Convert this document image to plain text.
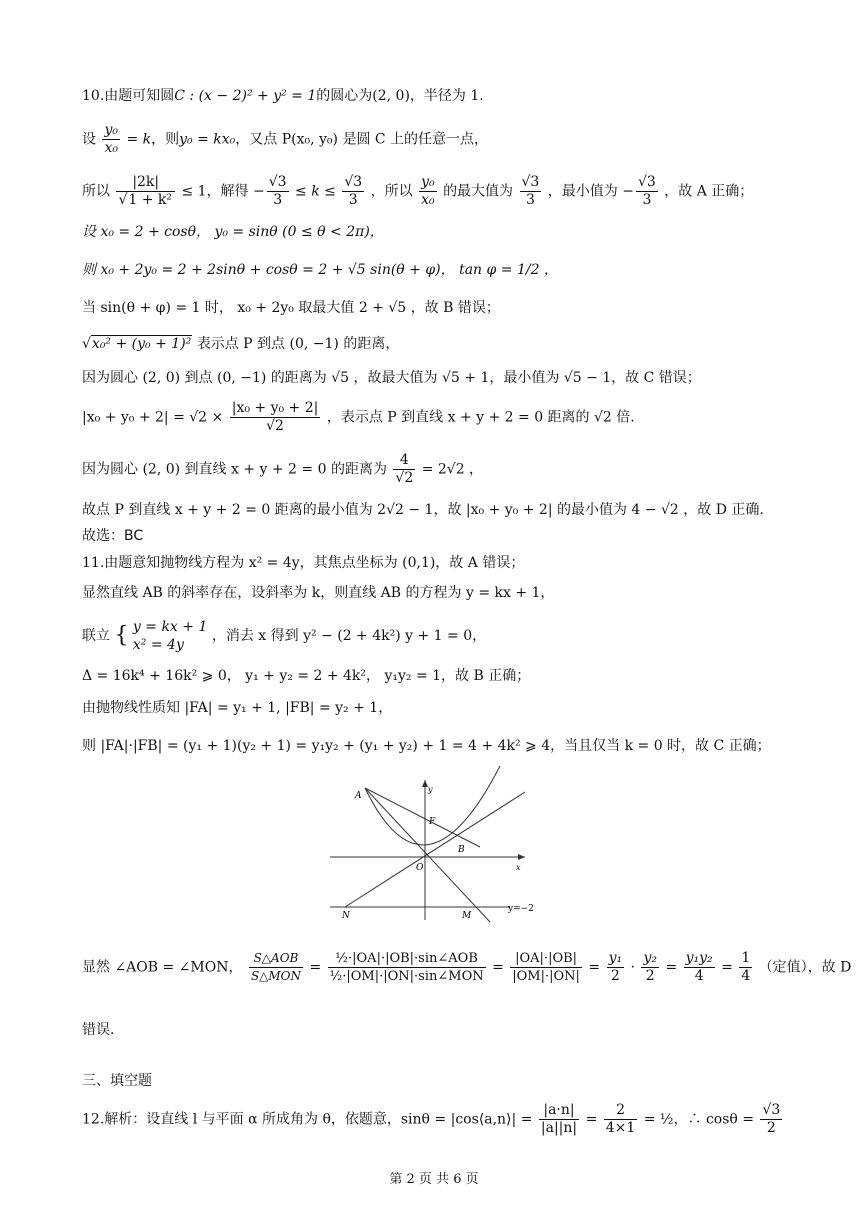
10.由题可知圆C : (x − 2)² + y² = 1的圆心为(2, 0)，半径为 1.
设 $\frac{\text{y₀}}{\text{x₀}} = k$，则y₀ = kx₀，又点 P(x₀, y₀) 是圆 C 上的任意一点，
所以 $\frac{|2k|}{\text{√1 + k²}} \le 1$，解得 − $\frac{√3}{3} \le k \le \frac{√3}{3}$ ，所以 $\frac{\text{y₀}}{\text{x₀}}$ 的最大值为 $\frac{√3}{3}$ ，最小值为 − $\frac{√3}{3}$ ，故 A 正确；
设 x₀ = 2 + cosθ， y₀ = sinθ (0 ≤ θ < 2π)，
则 x₀ + 2y₀ = 2 + 2sinθ + cosθ = 2 + √5 sin(θ + φ)， tan φ = 1/2 ，
当 sin(θ + φ) = 1 时， x₀ + 2y₀ 取最大值 2 + √5 ，故 B 错误；
√x₀² + (y₀ + 1)² 表示点 P 到点 (0, −1) 的距离，
因为圆心 (2, 0) 到点 (0, −1) 的距离为 √5 ，故最大值为 √5 + 1，最小值为 √5 − 1，故 C 错误；
$|x_0 + y_0 + 2| = √2 \times \frac{\text{|x₀ + y₀ + 2|}}{√2}$ ，表示点 P 到直线 x + y + 2 = 0 距离的 √2 倍.
因为圆心 (2, 0) 到直线 x + y + 2 = 0 的距离为 $\frac{4}{√2} = 2√2$ ，
故点 P 到直线 x + y + 2 = 0 距离的最小值为 2√2 − 1，故 |x₀ + y₀ + 2| 的最小值为 4 − √2 ，故 D 正确.
故选：BC
11.由题意知抛物线方程为 x² = 4y，其焦点坐标为 (0,1)，故 A 错误；
显然直线 AB 的斜率存在，设斜率为 k，则直线 AB 的方程为 y = kx + 1，
联立 { y = kx + 1
x² = 4y
，消去 x 得到 y² − (2 + 4k²) y + 1 = 0，
Δ = 16k⁴ + 16k² ⩾ 0， y₁ + y₂ = 2 + 4k²， y₁y₂ = 1，故 B 正确；
由抛物线性质知 |FA| = y₁ + 1, |FB| = y₂ + 1，
则 |FA|·|FB| = (y₁ + 1)(y₂ + 1) = y₁y₂ + (y₁ + y₂) + 1 = 4 + 4k² ⩾ 4，当且仅当 k = 0 时，故 C 正确；
A
B
F
O
N	M
x
y
y=−2
显然 ∠AOB = ∠MON， $\frac{\text{S△AOB}}{\text{S△MON}} = \frac{\text{½·|OA|·|OB|·sin∠AOB}}{\text{½·|OM|·|ON|·sin∠MON}} = \frac{|OA|\cdot|OB|}{|OM|\cdot|ON|} = \frac{\text{y₁}}{2} \cdot \frac{\text{y₂}}{2} = \frac{\text{y₁y₂}}{4} = \frac{1}{4}$ （定值），故 D
错误.
三、填空题
12.解析：设直线 l 与平面 α 所成角为 θ，依题意，sinθ = |cos⟨a,n⟩| = $\frac{|a\cdot n|}{|a||n|} = \frac{2}{4\times 1}$ = ½，∴ $\cos\theta = \frac{√3}{2}$
第 2 页 共 6 页
